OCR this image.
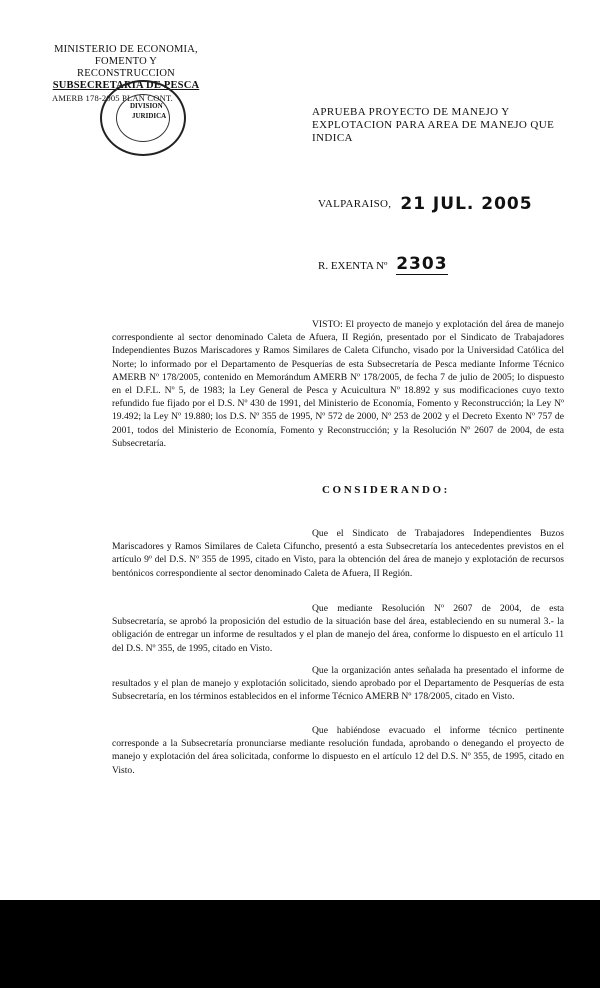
MINISTERIO DE ECONOMIA,
FOMENTO Y RECONSTRUCCION
SUBSECRETARIA DE PESCA
AMERB 178-2005 PLAN CONT.
DIVISION
JURIDICA	APRUEBA PROYECTO DE MANEJO Y EXPLOTACION PARA AREA DE MANEJO QUE INDICA
VALPARAISO, 21 JUL. 2005
R. EXENTA Nº 2303
VISTO: El proyecto de manejo y explotación del área de manejo correspondiente al sector denominado Caleta de Afuera, II Región, presentado por el Sindicato de Trabajadores Independientes Buzos Mariscadores y Ramos Similares de Caleta Cifuncho, visado por la Universidad Católica del Norte; lo informado por el Departamento de Pesquerías de esta Subsecretaría de Pesca mediante Informe Técnico AMERB Nº 178/2005, contenido en Memorándum AMERB Nº 178/2005, de fecha 7 de julio de 2005; lo dispuesto en el D.F.L. Nº 5, de 1983; la Ley General de Pesca y Acuicultura Nº 18.892 y sus modificaciones cuyo texto refundido fue fijado por el D.S. Nº 430 de 1991, del Ministerio de Economía, Fomento y Reconstrucción; la Ley Nº 19.492; la Ley Nº 19.880; los D.S. Nº 355 de 1995, Nº 572 de 2000, Nº 253 de 2002 y el Decreto Exento Nº 757 de 2001, todos del Ministerio de Economía, Fomento y Reconstrucción; y la Resolución Nº 2607 de 2004, de esta Subsecretaría.
CONSIDERANDO:
Que el Sindicato de Trabajadores Independientes Buzos Mariscadores y Ramos Similares de Caleta Cifuncho, presentó a esta Subsecretaría los antecedentes previstos en el artículo 9º del D.S. Nº 355 de 1995, citado en Visto, para la obtención del área de manejo y explotación de recursos bentónicos correspondiente al sector denominado Caleta de Afuera, II Región.
Que mediante Resolución Nº 2607 de 2004, de esta Subsecretaría, se aprobó la proposición del estudio de la situación base del área, estableciendo en su numeral 3.- la obligación de entregar un informe de resultados y el plan de manejo del área, conforme lo dispuesto en el artículo 11 del D.S. Nº 355, de 1995, citado en Visto.
Que la organización antes señalada ha presentado el informe de resultados y el plan de manejo y explotación solicitado, siendo aprobado por el Departamento de Pesquerías de esta Subsecretaría, en los términos establecidos en el informe Técnico AMERB Nº 178/2005, citado en Visto.
Que habiéndose evacuado el informe técnico pertinente corresponde a la Subsecretaría pronunciarse mediante resolución fundada, aprobando o denegando el proyecto de manejo y explotación del área solicitada, conforme lo dispuesto en el artículo 12 del D.S. Nº 355, de 1995, citado en Visto.
